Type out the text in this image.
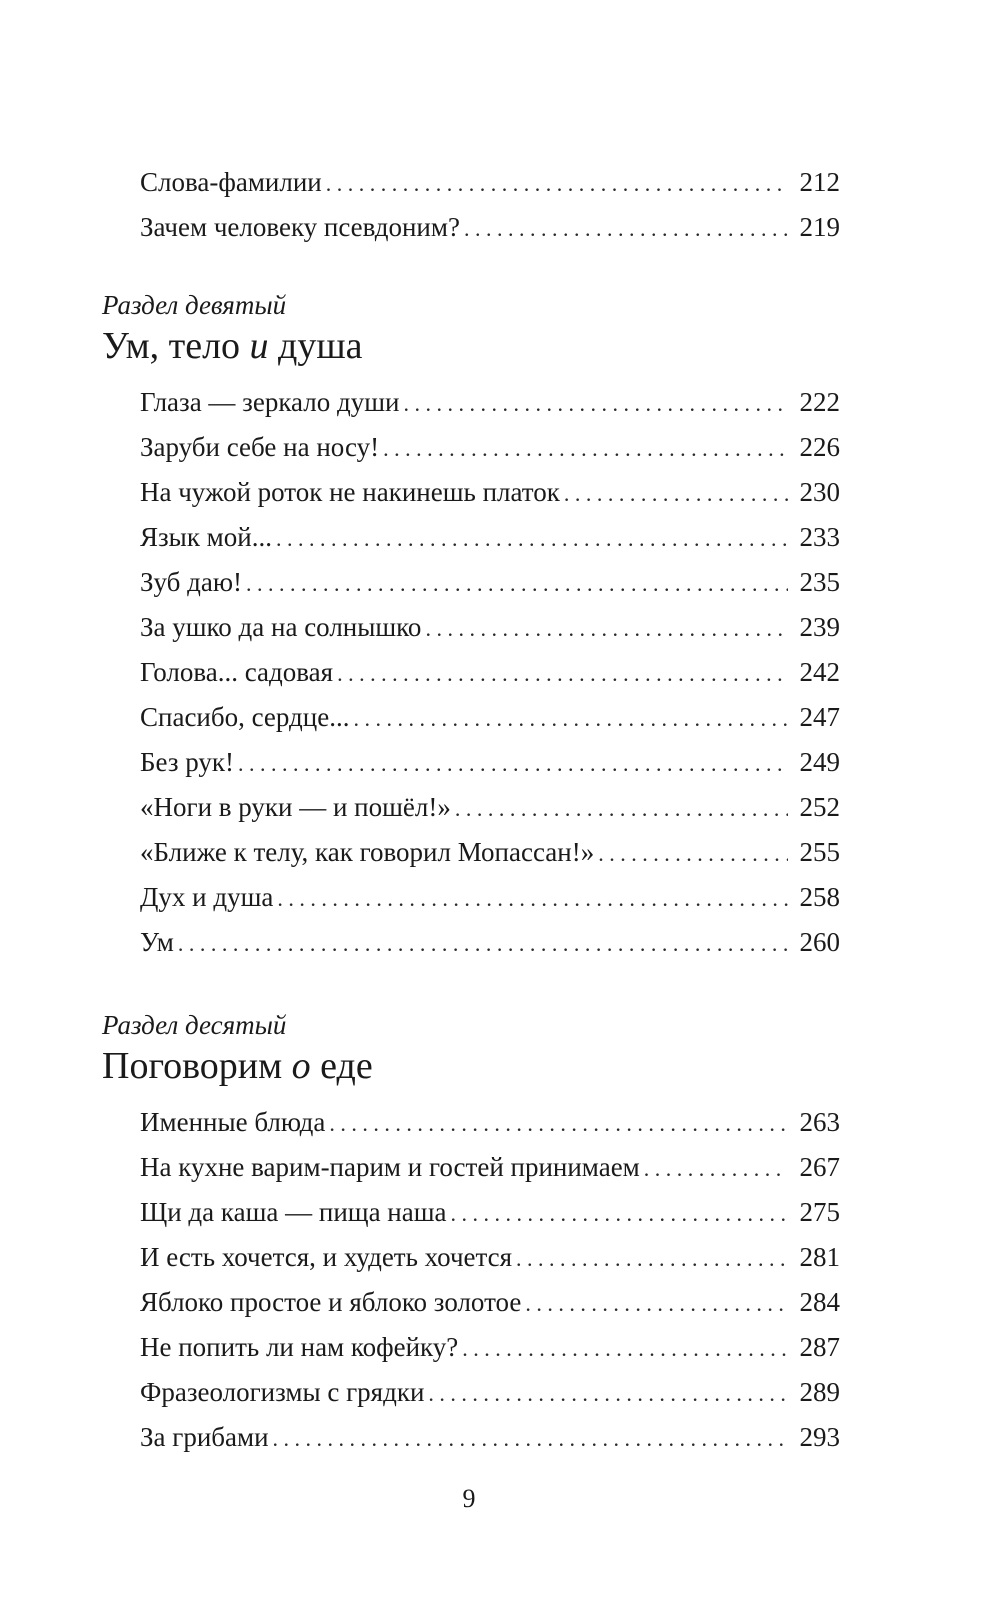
Слова-фамилии . . .	212
Зачем человеку псевдоним? . . .	219

Раздел девятый

Ум, тело и душа
Глаза — зеркало души . . .	222
Заруби себе на носу! . . .	226
На чужой роток не накинешь платок . . .	230
Язык мой... . . .	233
Зуб даю! . . .	235
За ушко да на солнышко . . .	239
Голова... садовая . . .	242
Спасибо, сердце... . . .	247
Без рук! . . .	249
«Ноги в руки — и пошёл!» . . .	252
«Ближе к телу, как говорил Мопассан!» . . .	255
Дух и душа . . .	258
Ум . . .	260

Раздел десятый

Поговорим о еде
Именные блюда . . .	263
На кухне варим-парим и гостей принимаем . . .	267
Щи да каша — пища наша . . .	275
И есть хочется, и худеть хочется . . .	281
Яблоко простое и яблоко золотое . . .	284
Не попить ли нам кофейку? . . .	287
Фразеологизмы с грядки . . .	289
За грибами . . .	293
9
